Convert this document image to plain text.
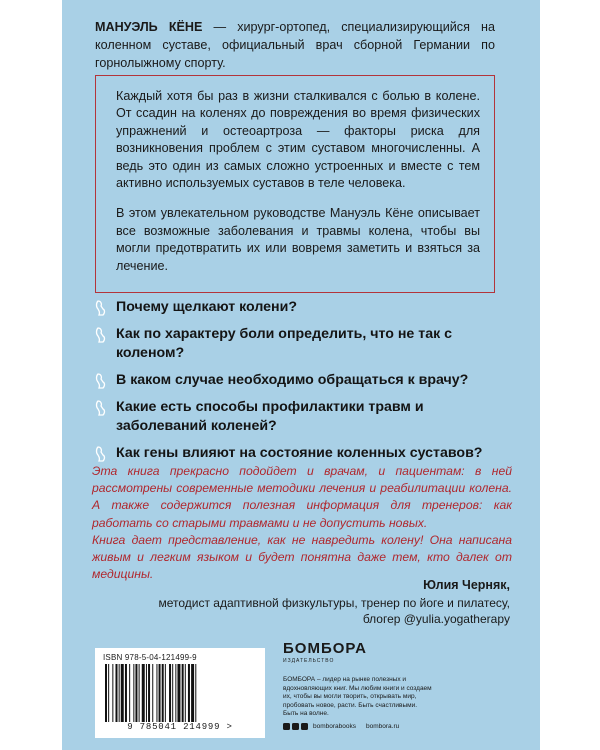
МАНУЭЛЬ КЁНЕ — хирург-ортопед, специализирующийся на коленном суставе, официальный врач сборной Германии по горнолыжному спорту.

Каждый хотя бы раз в жизни сталкивался с болью в колене. От ссадин на коленях до повреждения во время физических упражнений и остеоартроза — факторы риска для возникновения проблем с этим суставом многочисленны. А ведь это один из самых сложно устроенных и вместе с тем активно используемых суставов в теле человека.

В этом увлекательном руководстве Мануэль Кёне описывает все возможные заболевания и травмы колена, чтобы вы могли предотвратить их или вовремя заметить и взяться за лечение.

Почему щелкают колени?
Как по характеру боли определить, что не так с коленом?
В каком случае необходимо обращаться к врачу?
Какие есть способы профилактики травм и заболеваний коленей?
Как гены влияют на состояние коленных суставов?
Эта книга прекрасно подойдет и врачам, и пациентам: в ней рассмотрены современные методики лечения и реабилитации колена. А также содержится полезная информация для тренеров: как работать со старыми травмами и не допустить новых.
Книга дает представление, как не навредить колену! Она написана живым и легким языком и будет понятна даже тем, кто далек от медицины.
Юлия Черняк,
методист адаптивной физкультуры, тренер по йоге и пилатесу, блогер @yulia.yogatherapy
ISBN 978-5-04-121499-9
9 785041 214999 >
БОМБОРА
ИЗДАТЕЛЬСТВО
БОМБОРА – лидер на рынке полезных и вдохновляющих книг. Мы любим книги и создаем их, чтобы вы могли творить, открывать мир, пробовать новое, расти. Быть счастливыми. Быть на волне.
bomborabooks bombora.ru
